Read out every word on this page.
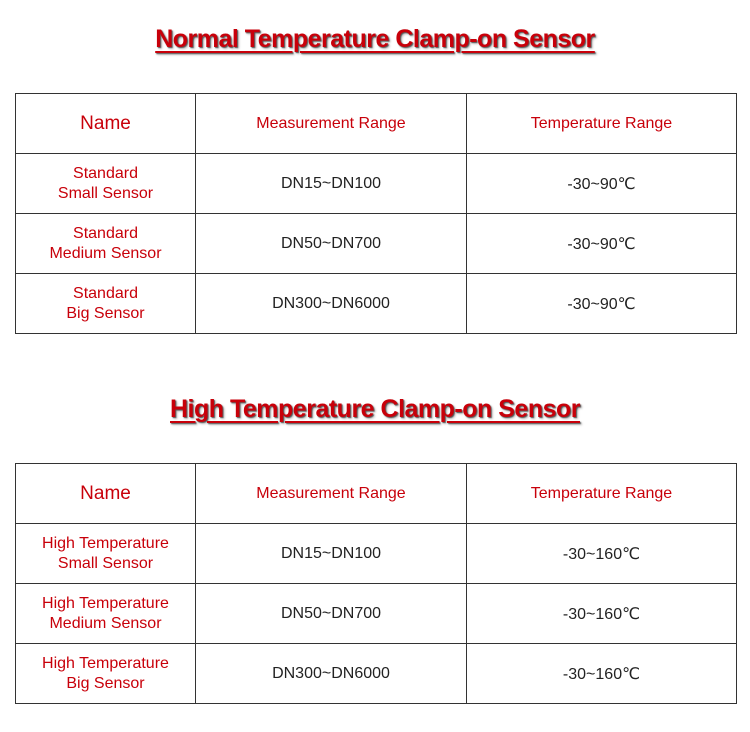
Normal Temperature Clamp-on Sensor
Name	Measurement Range	Temperature Range

Standard
Small Sensor	DN15~DN100	-30~90℃

Standard
Medium Sensor	DN50~DN700	-30~90℃

Standard
Big Sensor	DN300~DN6000	-30~90℃
High Temperature Clamp-on Sensor
Name	Measurement Range	Temperature Range

High Temperature
Small Sensor	DN15~DN100	-30~160℃

High Temperature
Medium Sensor	DN50~DN700	-30~160℃

High Temperature
Big Sensor	DN300~DN6000	-30~160℃
